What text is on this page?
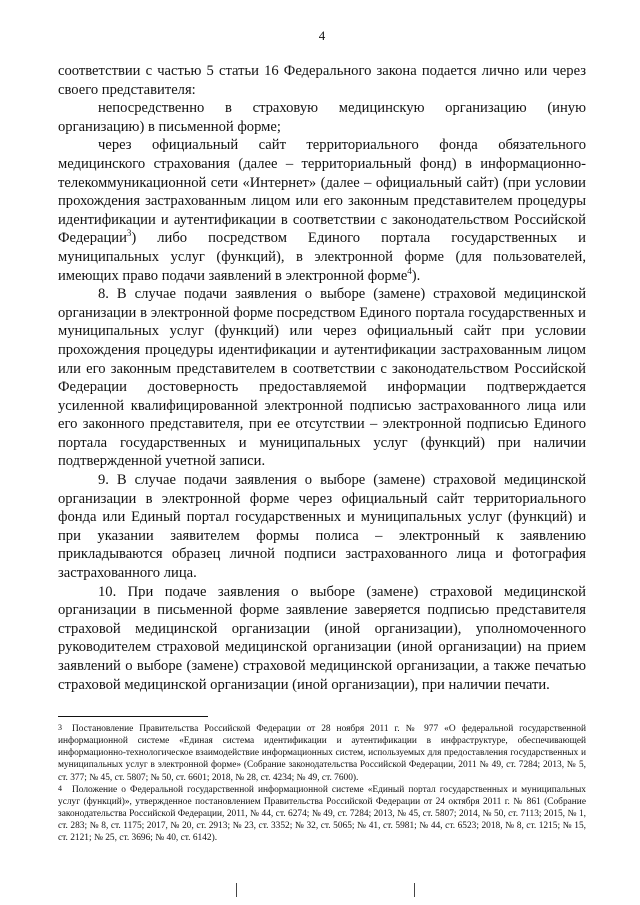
4

соответствии с частью 5 статьи 16 Федерального закона подается лично или через своего представителя:

непосредственно в страховую медицинскую организацию (иную организацию) в письменной форме;

через официальный сайт территориального фонда обязательного медицинского страхования (далее – территориальный фонд) в информационно-телекоммуникационной сети «Интернет» (далее – официальный сайт) (при условии прохождения застрахованным лицом или его законным представителем процедуры идентификации и аутентификации в соответствии с законодательством Российской Федерации$^3$) либо посредством Единого портала государственных и муниципальных услуг (функций), в электронной форме (для пользователей, имеющих право подачи заявлений в электронной форме$^4$).

8. В случае подачи заявления о выборе (замене) страховой медицинской организации в электронной форме посредством Единого портала государственных и муниципальных услуг (функций) или через официальный сайт при условии прохождения процедуры идентификации и аутентификации застрахованным лицом или его законным представителем в соответствии с законодательством Российской Федерации достоверность предоставляемой информации подтверждается усиленной квалифицированной электронной подписью застрахованного лица или его законного представителя, при ее отсутствии – электронной подписью Единого портала государственных и муниципальных услуг (функций) при наличии подтвержденной учетной записи.

9. В случае подачи заявления о выборе (замене) страховой медицинской организации в электронной форме через официальный сайт территориального фонда или Единый портал государственных и муниципальных услуг (функций) и при указании заявителем формы полиса – электронный к заявлению прикладываются образец личной подписи застрахованного лица и фотография застрахованного лица.

10. При подаче заявления о выборе (замене) страховой медицинской организации в письменной форме заявление заверяется подписью представителя страховой медицинской организации (иной организации), уполномоченного руководителем страховой медицинской организации (иной организации) на прием заявлений о выборе (замене) страховой медицинской организации, а также печатью страховой медицинской организации (иной организации), при наличии печати.

3 Постановление Правительства Российской Федерации от 28 ноября 2011 г. № 977 «О федеральной государственной информационной системе «Единая система идентификации и аутентификации в инфраструктуре, обеспечивающей информационно-технологическое взаимодействие информационных систем, используемых для предоставления государственных и муниципальных услуг в электронной форме» (Собрание законодательства Российской Федерации, 2011 № 49, ст. 7284; 2013, № 5, ст. 377; № 45, ст. 5807; № 50, ст. 6601; 2018, № 28, ст. 4234; № 49, ст. 7600).

4 Положение о Федеральной государственной информационной системе «Единый портал государственных и муниципальных услуг (функций)», утвержденное постановлением Правительства Российской Федерации от 24 октября 2011 г. № 861 (Собрание законодательства Российской Федерации, 2011, № 44, ст. 6274; № 49, ст. 7284; 2013, № 45, ст. 5807; 2014, № 50, ст. 7113; 2015, № 1, ст. 283; № 8, ст. 1175; 2017, № 20, ст. 2913; № 23, ст. 3352; № 32, ст. 5065; № 41, ст. 5981; № 44, ст. 6523; 2018, № 8, ст. 1215; № 15, ст. 2121; № 25, ст. 3696; № 40, ст. 6142).
